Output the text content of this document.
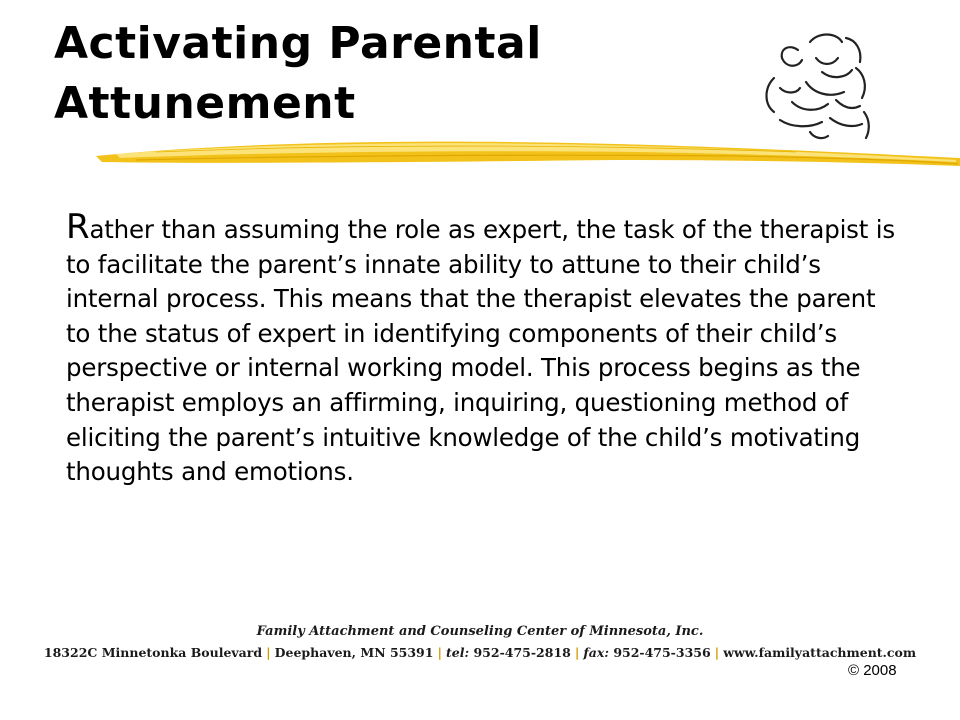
Activating Parental
Attunement

Rather than assuming the role as expert, the task of the therapist is to facilitate the parent’s innate ability to attune to their child’s internal process. This means that the therapist elevates the parent to the status of expert in identifying components of their child’s perspective or internal working model. This process begins as the therapist employs an affirming, inquiring, questioning method of eliciting the parent’s intuitive knowledge of the child’s motivating thoughts and emotions.

Family Attachment and Counseling Center of Minnesota, Inc.
18322C Minnetonka Boulevard | Deephaven, MN 55391 | tel: 952-475-2818 | fax: 952-475-3356 | www.familyattachment.com
© 2008
